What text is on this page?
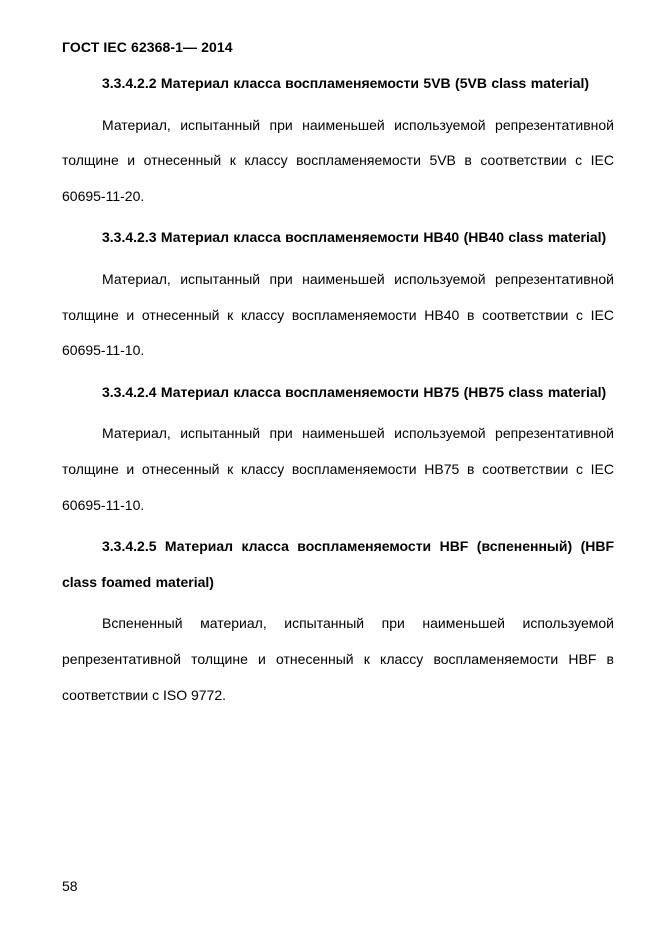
ГОСТ IEC 62368-1— 2014

3.3.4.2.2 Материал класса воспламеняемости 5VB (5VB class material)

Материал, испытанный при наименьшей используемой репрезентативной толщине и отнесенный к классу воспламеняемости 5VB в соответствии с IEC 60695-11-20.

3.3.4.2.3 Материал класса воспламеняемости HB40 (HB40 class material)

Материал, испытанный при наименьшей используемой репрезентативной толщине и отнесенный к классу воспламеняемости HB40 в соответствии с IEC 60695-11-10.

3.3.4.2.4 Материал класса воспламеняемости HB75 (HB75 class material)

Материал, испытанный при наименьшей используемой репрезентативной толщине и отнесенный к классу воспламеняемости HB75 в соответствии с IEC 60695-11-10.

3.3.4.2.5 Материал класса воспламеняемости HBF (вспененный) (HBF class foamed material)

Вспененный материал, испытанный при наименьшей используемой репрезентативной толщине и отнесенный к классу воспламеняемости HBF в соответствии с ISO 9772.

58
